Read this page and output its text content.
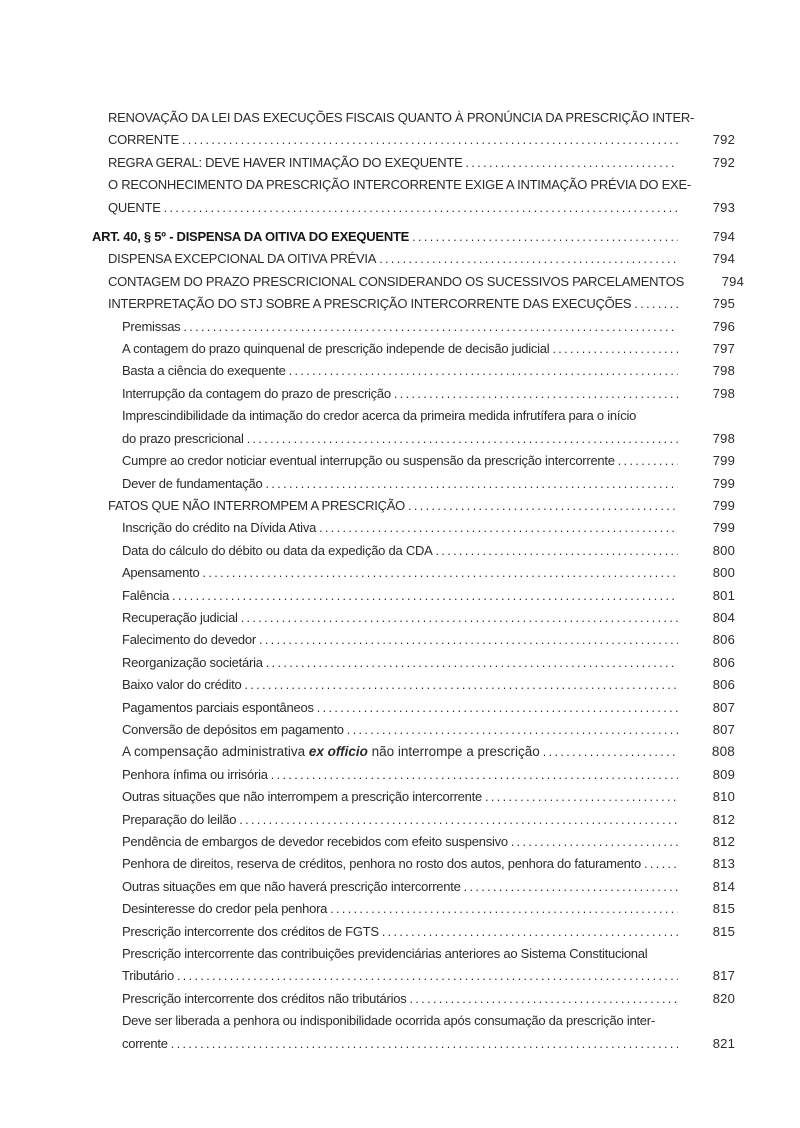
RENOVAÇÃO DA LEI DAS EXECUÇÕES FISCAIS QUANTO À PRONÚNCIA DA PRESCRIÇÃO INTER-
CORRENTE .....	792
REGRA GERAL: DEVE HAVER INTIMAÇÃO DO EXEQUENTE .....	792
O RECONHECIMENTO DA PRESCRIÇÃO INTERCORRENTE EXIGE A INTIMAÇÃO PRÉVIA DO EXE-
QUENTE .....	793
ART. 40, § 5º - DISPENSA DA OITIVA DO EXEQUENTE .....	794
DISPENSA EXCEPCIONAL DA OITIVA PRÉVIA .....	794
CONTAGEM DO PRAZO PRESCRICIONAL CONSIDERANDO OS SUCESSIVOS PARCELAMENTOS	794
INTERPRETAÇÃO DO STJ SOBRE A PRESCRIÇÃO INTERCORRENTE DAS EXECUÇÕES .....	795
Premissas .....	796
A contagem do prazo quinquenal de prescrição independe de decisão judicial .....	797
Basta a ciência do exequente .....	798
Interrupção da contagem do prazo de prescrição .....	798
Imprescindibilidade da intimação do credor acerca da primeira medida infrutífera para o início
do prazo prescricional .....	798
Cumpre ao credor noticiar eventual interrupção ou suspensão da prescrição intercorrente .....	799
Dever de fundamentação .....	799
FATOS QUE NÃO INTERROMPEM A PRESCRIÇÃO .....	799
Inscrição do crédito na Dívida Ativa .....	799
Data do cálculo do débito ou data da expedição da CDA .....	800
Apensamento .....	800
Falência .....	801
Recuperação judicial .....	804
Falecimento do devedor .....	806
Reorganização societária .....	806
Baixo valor do crédito .....	806
Pagamentos parciais espontâneos .....	807
Conversão de depósitos em pagamento .....	807
A compensação administrativa ex officio não interrompe a prescrição .....	808
Penhora ínfima ou irrisória .....	809
Outras situações que não interrompem a prescrição intercorrente .....	810
Preparação do leilão .....	812
Pendência de embargos de devedor recebidos com efeito suspensivo .....	812
Penhora de direitos, reserva de créditos, penhora no rosto dos autos, penhora do faturamento .....	813
Outras situações em que não haverá prescrição intercorrente .....	814
Desinteresse do credor pela penhora .....	815
Prescrição intercorrente dos créditos de FGTS .....	815
Prescrição intercorrente das contribuições previdenciárias anteriores ao Sistema Constitucional
Tributário .....	817
Prescrição intercorrente dos créditos não tributários .....	820
Deve ser liberada a penhora ou indisponibilidade ocorrida após consumação da prescrição inter-
corrente .....	821
